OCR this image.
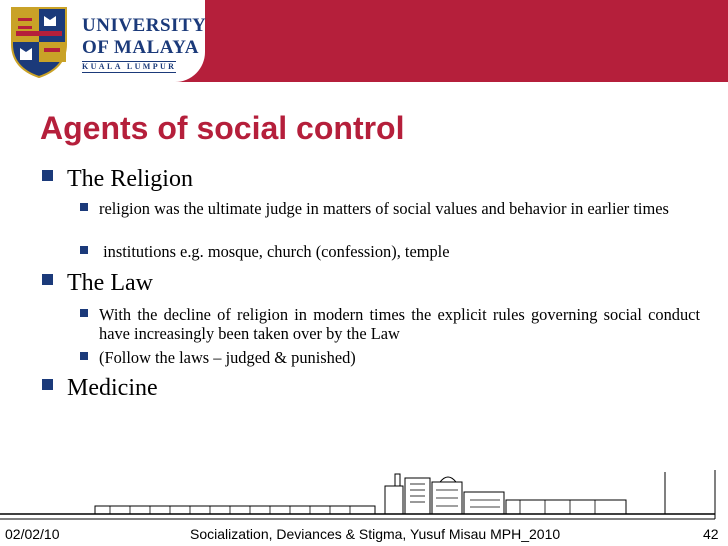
UNIVERSITY
OF MALAYA
KUALA LUMPUR
Agents of social control
The Religion
religion was the ultimate judge in matters of social values and behavior in earlier times
institutions e.g. mosque, church (confession), temple
The Law
With the decline of religion in modern times the explicit rules governing social conduct have increasingly been taken over by the Law
(Follow the laws – judged & punished)
Medicine
02/02/10	Socialization, Deviances & Stigma, Yusuf Misau MPH_2010	42
